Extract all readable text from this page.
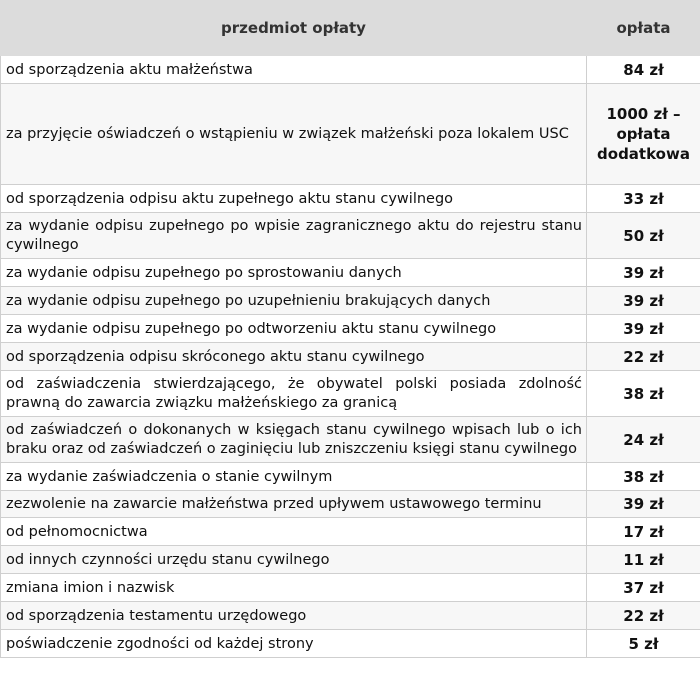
przedmiot opłaty	opłata
od sporządzenia aktu małżeństwa	84 zł
za przyjęcie oświadczeń o wstąpieniu w związek małżeński poza lokalem USC	1000 zł – opłata dodatkowa
od sporządzenia odpisu aktu zupełnego aktu stanu cywilnego	33 zł
za wydanie odpisu zupełnego po wpisie zagranicznego aktu do rejestru stanu cywilnego	50 zł
za wydanie odpisu zupełnego po sprostowaniu danych	39 zł
za wydanie odpisu zupełnego po uzupełnieniu brakujących danych	39 zł
za wydanie odpisu zupełnego po odtworzeniu aktu stanu cywilnego	39 zł
od sporządzenia odpisu skróconego aktu stanu cywilnego	22 zł
od zaświadczenia stwierdzającego, że obywatel polski posiada zdolność prawną do zawarcia związku małżeńskiego za granicą	38 zł
od zaświadczeń o dokonanych w księgach stanu cywilnego wpisach lub o ich braku oraz od zaświadczeń o zaginięciu lub zniszczeniu księgi stanu cywilnego	24 zł
za wydanie zaświadczenia o stanie cywilnym	38 zł
zezwolenie na zawarcie małżeństwa przed upływem ustawowego terminu	39 zł
od pełnomocnictwa	17 zł
od innych czynności urzędu stanu cywilnego	11 zł
zmiana imion i nazwisk	37 zł
od sporządzenia testamentu urzędowego	22 zł
poświadczenie zgodności od każdej strony	5 zł
